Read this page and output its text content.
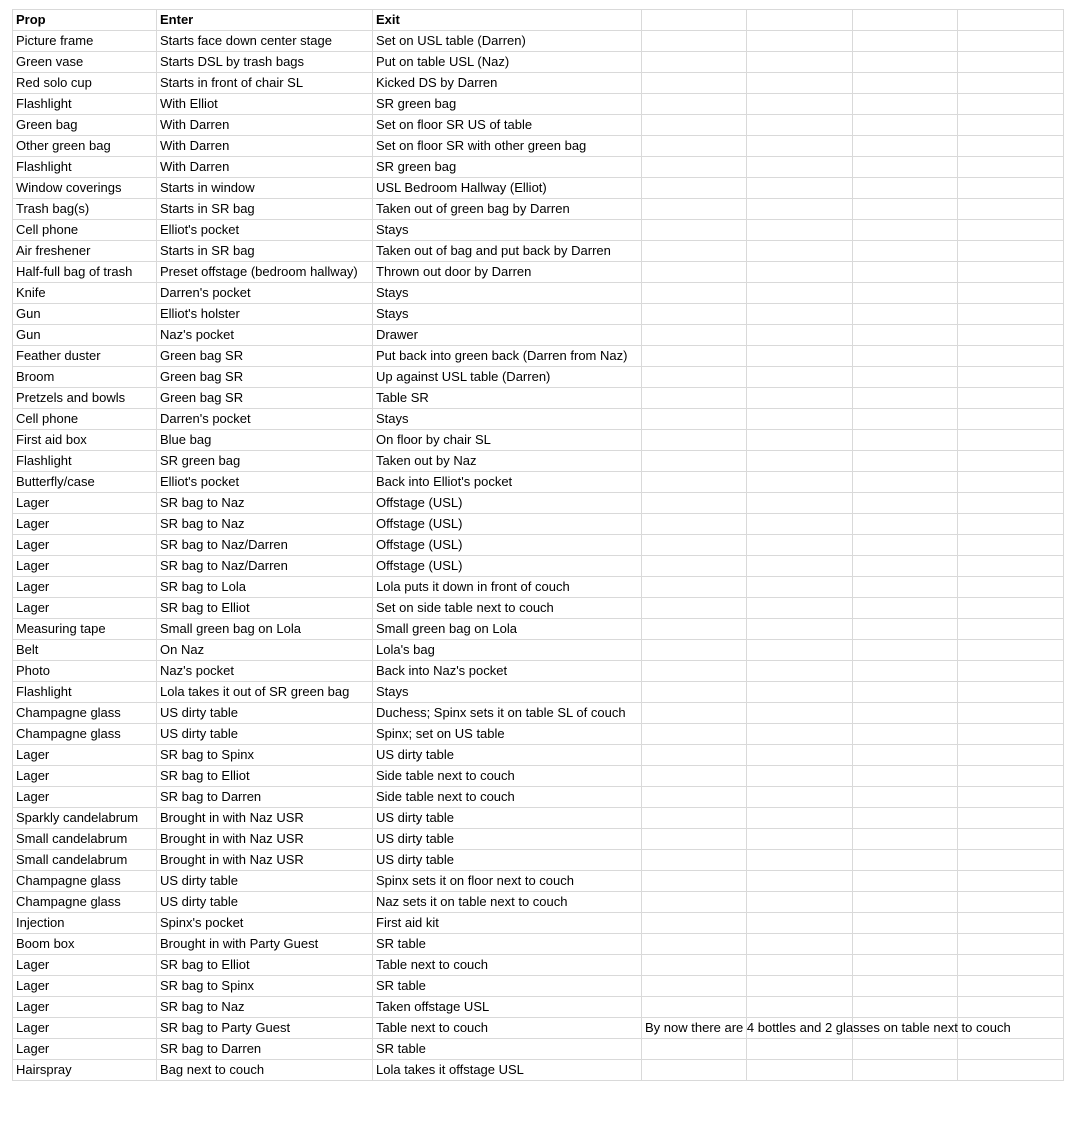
Prop	Enter	Exit				
Picture frame	Starts face down center stage	Set on USL table (Darren)				
Green vase	Starts DSL by trash bags	Put on table USL (Naz)				
Red solo cup	Starts in front of chair SL	Kicked DS by Darren				
Flashlight	With Elliot	SR green bag				
Green bag	With Darren	Set on floor SR US of table				
Other green bag	With Darren	Set on floor SR with other green bag				
Flashlight	With Darren	SR green bag				
Window coverings	Starts in window	USL Bedroom Hallway (Elliot)				
Trash bag(s)	Starts in SR bag	Taken out of green bag by Darren				
Cell phone	Elliot's pocket	Stays				
Air freshener	Starts in SR bag	Taken out of bag and put back by Darren				
Half-full bag of trash	Preset offstage (bedroom hallway)	Thrown out door by Darren				
Knife	Darren's pocket	Stays				
Gun	Elliot's holster	Stays				
Gun	Naz's pocket	Drawer				
Feather duster	Green bag SR	Put back into green back (Darren from Naz)				
Broom	Green bag SR	Up against USL table (Darren)				
Pretzels and bowls	Green bag SR	Table SR				
Cell phone	Darren's pocket	Stays				
First aid box	Blue bag	On floor by chair SL				
Flashlight	SR green bag	Taken out by Naz				
Butterfly/case	Elliot's pocket	Back into Elliot's pocket				
Lager	SR bag to Naz	Offstage (USL)				
Lager	SR bag to Naz	Offstage (USL)				
Lager	SR bag to Naz/Darren	Offstage (USL)				
Lager	SR bag to Naz/Darren	Offstage (USL)				
Lager	SR bag to Lola	Lola puts it down in front of couch				
Lager	SR bag to Elliot	Set on side table next to couch				
Measuring tape	Small green bag on Lola	Small green bag on Lola				
Belt	On Naz	Lola's bag				
Photo	Naz's pocket	Back into Naz's pocket				
Flashlight	Lola takes it out of SR green bag	Stays				
Champagne glass	US dirty table	Duchess; Spinx sets it on table SL of couch				
Champagne glass	US dirty table	Spinx; set on US table				
Lager	SR bag to Spinx	US dirty table				
Lager	SR bag to Elliot	Side table next to couch				
Lager	SR bag to Darren	Side table next to couch				
Sparkly candelabrum	Brought in with Naz USR	US dirty table				
Small candelabrum	Brought in with Naz USR	US dirty table				
Small candelabrum	Brought in with Naz USR	US dirty table				
Champagne glass	US dirty table	Spinx sets it on floor next to couch				
Champagne glass	US dirty table	Naz sets it on table next to couch				
Injection	Spinx's pocket	First aid kit				
Boom box	Brought in with Party Guest	SR table				
Lager	SR bag to Elliot	Table next to couch				
Lager	SR bag to Spinx	SR table				
Lager	SR bag to Naz	Taken offstage USL				
Lager	SR bag to Party Guest	Table next to couch	By now there are 4 bottles and 2 glasses on table next to couch			
Lager	SR bag to Darren	SR table				
Hairspray	Bag next to couch	Lola takes it offstage USL				
